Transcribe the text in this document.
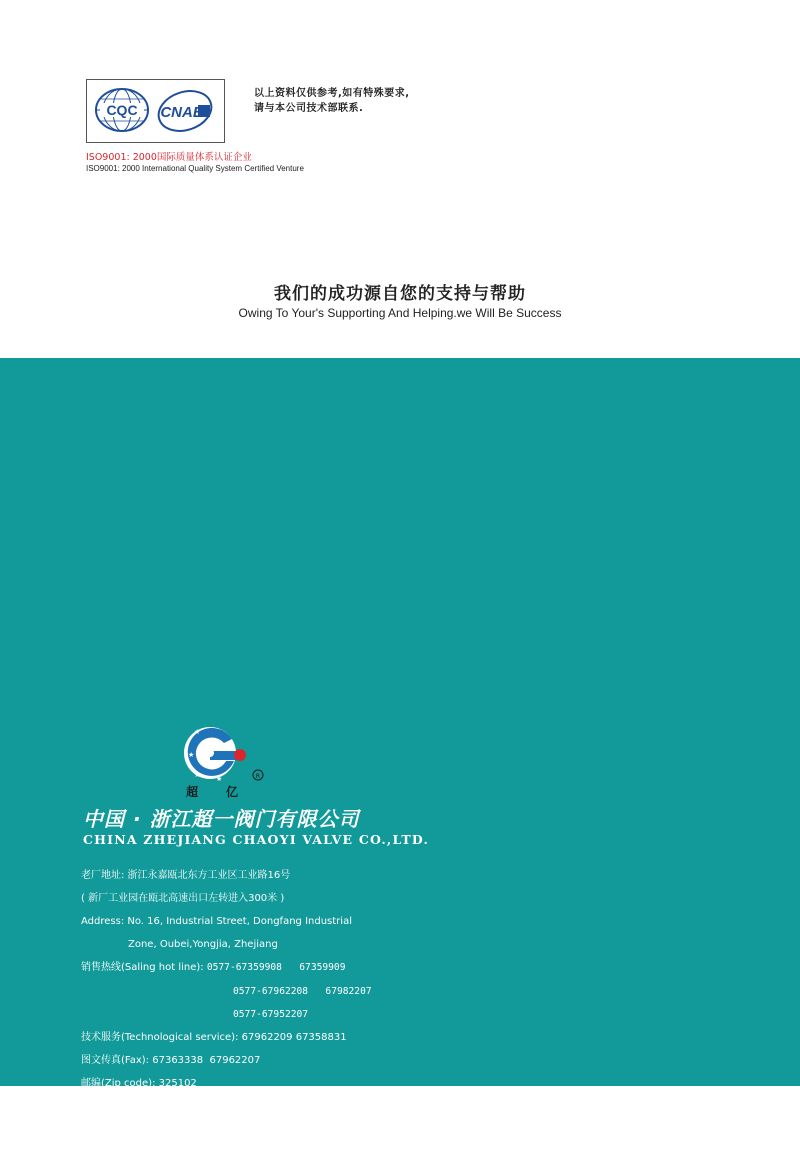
CQC CNAB
以上资料仅供参考,如有特殊要求,
请与本公司技术部联系.
ISO9001: 2000国际质量体系认证企业
ISO9001: 2000 International Quality System Certified Venture
我们的成功源自您的支持与帮助
Owing To Your's Supporting And Helping.we Will Be Success
★
★
★ ★
超 亿
R
中国 · 浙江超一阀门有限公司
CHINA ZHEJIANG CHAOYI VALVE CO.,LTD.

老厂地址: 浙江永嘉瓯北东方工业区工业路16号

( 新厂工业园在瓯北高速出口左转进入300米 )

Address: No. 16, Industrial Street, Dongfang Industrial

Zone, Oubei,Yongjia, Zhejiang

销售热线(Saling hot line): 0577-67359908   67359909

0577-67962208   67982207

0577-67952207

技术服务(Technological service): 67962209 67358831

图文传真(Fax): 67363338  67962207

邮编(Zip code): 325102

http://www.chaoyi-valve.com

E-mail:chaoyi@chaoyi-valve.com

网络实名:超一蝶阀
